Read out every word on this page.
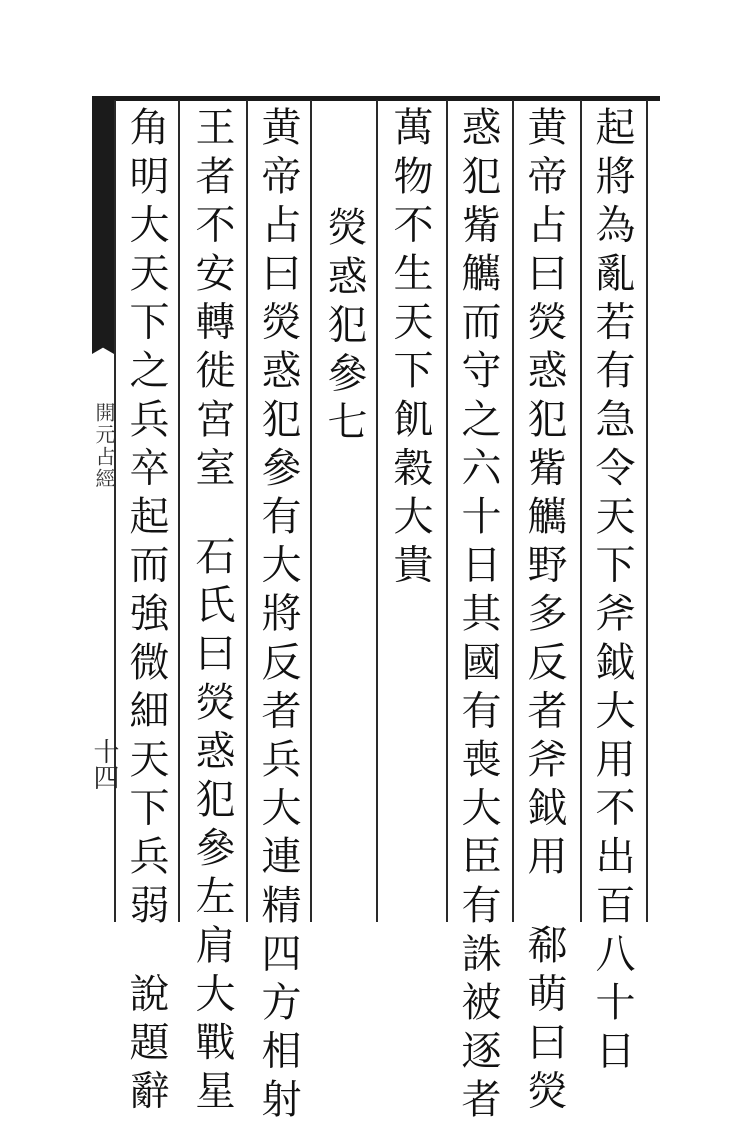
開元占經
十四	起將為亂若有急令天下斧鉞大用不出百八十日
黄帝占曰熒惑犯觜觽野多反者斧鉞用郗萌曰熒
惑犯觜觽而守之六十日其國有喪大臣有誅被逐者
萬物不生天下飢穀大貴
熒惑犯參七
黄帝占曰熒惑犯參有大將反者兵大連精四方相射
王者不安轉徙宮室石氏曰熒惑犯參左肩大戰星
角明大天下之兵卒起而強微細天下兵弱說題辭
